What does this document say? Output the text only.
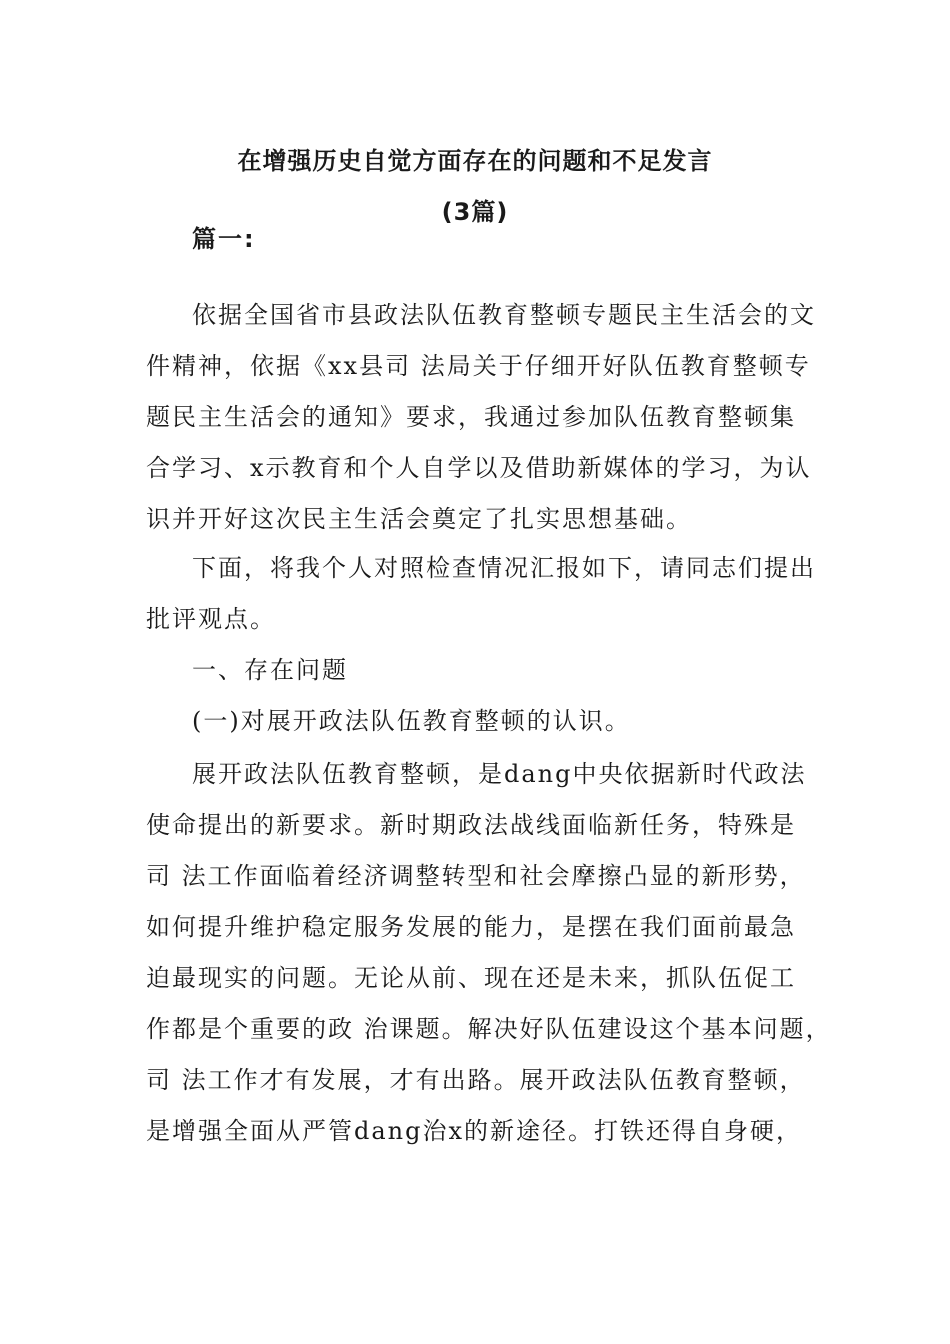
在增强历史自觉方面存在的问题和不足发言
(3篇)
篇一:
依据全国省市县政法队伍教育整顿专题民主生活会的文
件精神，依据《xx县司 法局关于仔细开好队伍教育整顿专
题民主生活会的通知》要求，我通过参加队伍教育整顿集
合学习、x示教育和个人自学以及借助新媒体的学习，为认
识并开好这次民主生活会奠定了扎实思想基础。
下面，将我个人对照检查情况汇报如下，请同志们提出
批评观点。
一、存在问题
(一)对展开政法队伍教育整顿的认识。
展开政法队伍教育整顿，是dang中央依据新时代政法
使命提出的新要求。新时期政法战线面临新任务，特殊是
司 法工作面临着经济调整转型和社会摩擦凸显的新形势，
如何提升维护稳定服务发展的能力，是摆在我们面前最急
迫最现实的问题。无论从前、现在还是未来，抓队伍促工
作都是个重要的政 治课题。解决好队伍建设这个基本问题，
司 法工作才有发展，才有出路。展开政法队伍教育整顿，
是增强全面从严管dang治x的新途径。打铁还得自身硬，
